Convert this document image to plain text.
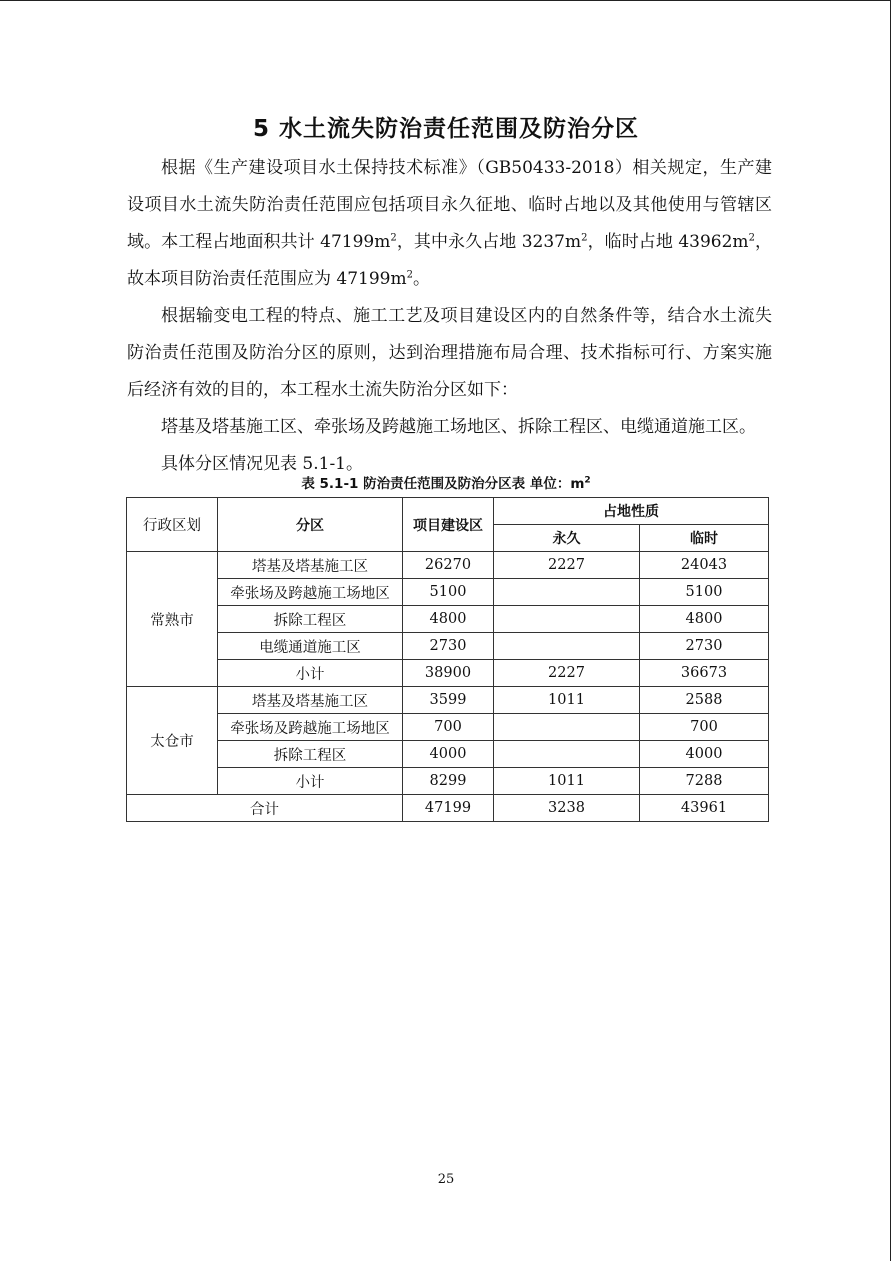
5 水土流失防治责任范围及防治分区

根据《生产建设项目水土保持技术标准》（GB50433-2018）相关规定，生产建设项目水土流失防治责任范围应包括项目永久征地、临时占地以及其他使用与管辖区域。本工程占地面积共计 $47199m^2$，其中永久占地 $3237m^2$，临时占地 $43962m^2$，故本项目防治责任范围应为 $47199m^2$。

根据输变电工程的特点、施工工艺及项目建设区内的自然条件等，结合水土流失防治责任范围及防治分区的原则，达到治理措施布局合理、技术指标可行、方案实施后经济有效的目的，本工程水土流失防治分区如下：

塔基及塔基施工区、牵张场及跨越施工场地区、拆除工程区、电缆通道施工区。

具体分区情况见表 5.1-1。

表 5.1-1 防治责任范围及防治分区表 单位：$m^2$
行政区划	分区	项目建设区	占地性质	
			永久	临时
常熟市	塔基及塔基施工区	26270	2227	24043
	牵张场及跨越施工场地区	5100		5100
	拆除工程区	4800		4800
	电缆通道施工区	2730		2730
	小计	38900	2227	36673
太仓市	塔基及塔基施工区	3599	1011	2588
	牵张场及跨越施工场地区	700		700
	拆除工程区	4000		4000
	小计	8299	1011	7288
合计		47199	3238	43961
25
